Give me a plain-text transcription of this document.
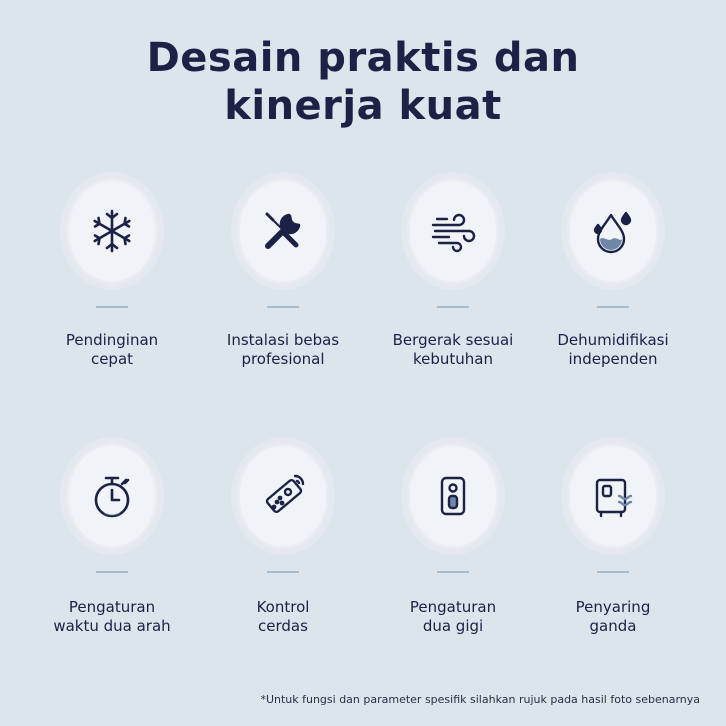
Desain praktis dan
kinerja kuat
Pendinginan
cepat
Instalasi bebas
profesional
Bergerak sesuai
kebutuhan
Dehumidifikasi
independen
Pengaturan
waktu dua arah
Kontrol
cerdas
Pengaturan
dua gigi
Penyaring
ganda
*Untuk fungsi dan parameter spesifik silahkan rujuk pada hasil foto sebenarnya
